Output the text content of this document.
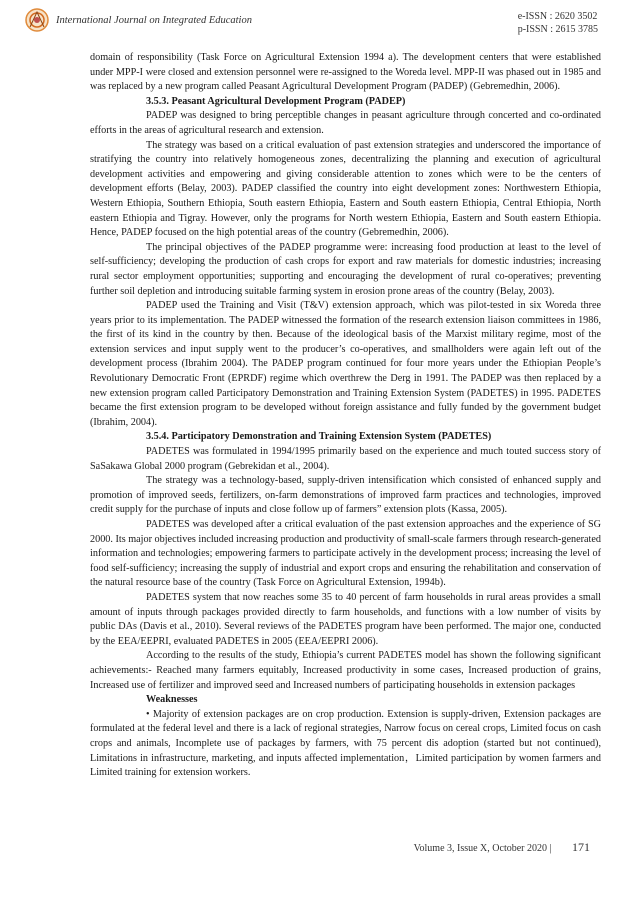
International Journal on Integrated Education	e-ISSN : 2620 3502
p-ISSN : 2615 3785

domain of responsibility (Task Force on Agricultural Extension 1994 a). The development centers that were established under MPP-I were closed and extension personnel were re-assigned to the Woreda level. MPP-II was phased out in 1985 and was replaced by a new program called Peasant Agricultural Development Program (PADEP) (Gebremedhin, 2006).

3.5.3. Peasant Agricultural Development Program (PADEP)

PADEP was designed to bring perceptible changes in peasant agriculture through concerted and co-ordinated efforts in the areas of agricultural research and extension.

The strategy was based on a critical evaluation of past extension strategies and underscored the importance of stratifying the country into relatively homogeneous zones, decentralizing the planning and execution of agricultural development activities and empowering and giving considerable attention to zones which were to be the centers of development efforts (Belay, 2003). PADEP classified the country into eight development zones: Northwestern Ethiopia, Western Ethiopia, Southern Ethiopia, South eastern Ethiopia, Eastern and South eastern Ethiopia, Central Ethiopia, North eastern Ethiopia and Tigray. However, only the programs for North western Ethiopia, Eastern and South eastern Ethiopia. Hence, PADEP focused on the high potential areas of the country (Gebremedhin, 2006).

The principal objectives of the PADEP programme were: increasing food production at least to the level of self-sufficiency; developing the production of cash crops for export and raw materials for domestic industries; increasing rural sector employment opportunities; supporting and encouraging the development of rural co-operatives; preventing further soil depletion and introducing suitable farming system in erosion prone areas of the country (Belay, 2003).

PADEP used the Training and Visit (T&V) extension approach, which was pilot-tested in six Woreda three years prior to its implementation. The PADEP witnessed the formation of the research extension liaison committees in 1986, the first of its kind in the country by then. Because of the ideological basis of the Marxist military regime, most of the extension services and input supply went to the producer’s co-operatives, and smallholders were again left out of the development process (Ibrahim 2004). The PADEP program continued for four more years under the Ethiopian People’s Revolutionary Democratic Front (EPRDF) regime which overthrew the Derg in 1991. The PADEP was then replaced by a new extension program called Participatory Demonstration and Training Extension System (PADETES) in 1995. PADETES became the first extension program to be developed without foreign assistance and fully funded by the government budget (Ibrahim, 2004).

3.5.4. Participatory Demonstration and Training Extension System (PADETES)

PADETES was formulated in 1994/1995 primarily based on the experience and much touted success story of SaSakawa Global 2000 program (Gebrekidan et al., 2004).

The strategy was a technology-based, supply-driven intensification which consisted of enhanced supply and promotion of improved seeds, fertilizers, on-farm demonstrations of improved farm practices and technologies, improved credit supply for the purchase of inputs and close follow up of farmers” extension plots (Kassa, 2005).

PADETES was developed after a critical evaluation of the past extension approaches and the experience of SG 2000. Its major objectives included increasing production and productivity of small-scale farmers through research-generated information and technologies; empowering farmers to participate actively in the development process; increasing the level of food self-sufficiency; increasing the supply of industrial and export crops and ensuring the rehabilitation and conservation of the natural resource base of the country (Task Force on Agricultural Extension, 1994b).

PADETES system that now reaches some 35 to 40 percent of farm households in rural areas provides a small amount of inputs through packages provided directly to farm households, and functions with a low number of visits by public DAs (Davis et al., 2010). Several reviews of the PADETES program have been performed. The major one, conducted by the EEA/EEPRI, evaluated PADETES in 2005 (EEA/EEPRI 2006).

According to the results of the study, Ethiopia’s current PADETES model has shown the following significant achievements:- Reached many farmers equitably, Increased productivity in some cases, Increased production of grains, Increased use of fertilizer and improved seed and Increased numbers of participating households in extension packages

Weaknesses

• Majority of extension packages are on crop production. Extension is supply-driven, Extension packages are formulated at the federal level and there is a lack of regional strategies, Narrow focus on cereal crops, Limited focus on cash crops and animals, Incomplete use of packages by farmers, with 75 percent dis adoption (started but not continued), Limitations in infrastructure, marketing, and inputs affected implementation，Limited participation by women farmers and Limited training for extension workers.

Volume 3, Issue X, October 2020 | 171
